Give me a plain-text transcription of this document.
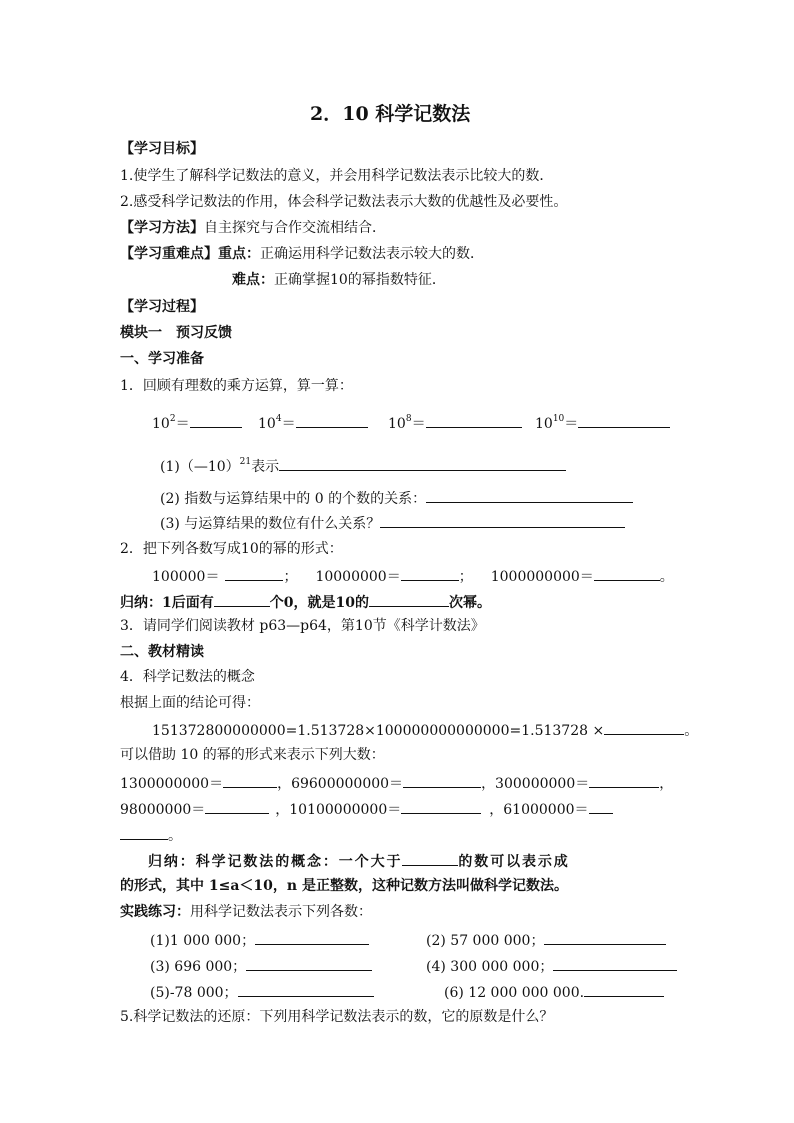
2．10 科学记数法
【学习目标】
1.使学生了解科学记数法的意义，并会用科学记数法表示比较大的数．
2.感受科学记数法的作用，体会科学记数法表示大数的优越性及必要性。
【学习方法】自主探究与合作交流相结合．
【学习重难点】重点：正确运用科学记数法表示较大的数．
难点：正确掌握10的幂指数特征．
【学习过程】
模块一　预习反馈
一、学习准备
1．回顾有理数的乘方运算，算一算：
$10^2=$	$10^4=$	$10^8=$	$10^{10}=$
(1)（—10）$^{21}$表示
(2) 指数与运算结果中的 0 的个数的关系：
(3) 与运算结果的数位有什么关系？
2．把下列各数写成10的幂的形式：
100000＝	； 10000000＝	； 1000000000＝	。
归纳：1后面有	个0，就是10的	次幂。
3．请同学们阅读教材 p63—p64，第10节《科学计数法》
二、教材精读
4．科学记数法的概念
根据上面的结论可得：
151372800000000=1.513728×100000000000000=1.513728 ×	。
可以借助 10 的幂的形式来表示下列大数：
1300000000＝	，69600000000＝	，300000000＝	，
98000000＝	，10100000000＝	，61000000＝
。
归纳：科学记数法的概念：一个大于	的数可以表示成
的形式，其中 1≤a＜10，n 是正整数，这种记数方法叫做科学记数法。
实践练习：用科学记数法表示下列各数：
(1)1 000 000；	(2) 57 000 000；
(3) 696 000；	(4) 300 000 000；
(5)-78 000；	(6) 12 000 000 000.
5.科学记数法的还原：下列用科学记数法表示的数，它的原数是什么？
